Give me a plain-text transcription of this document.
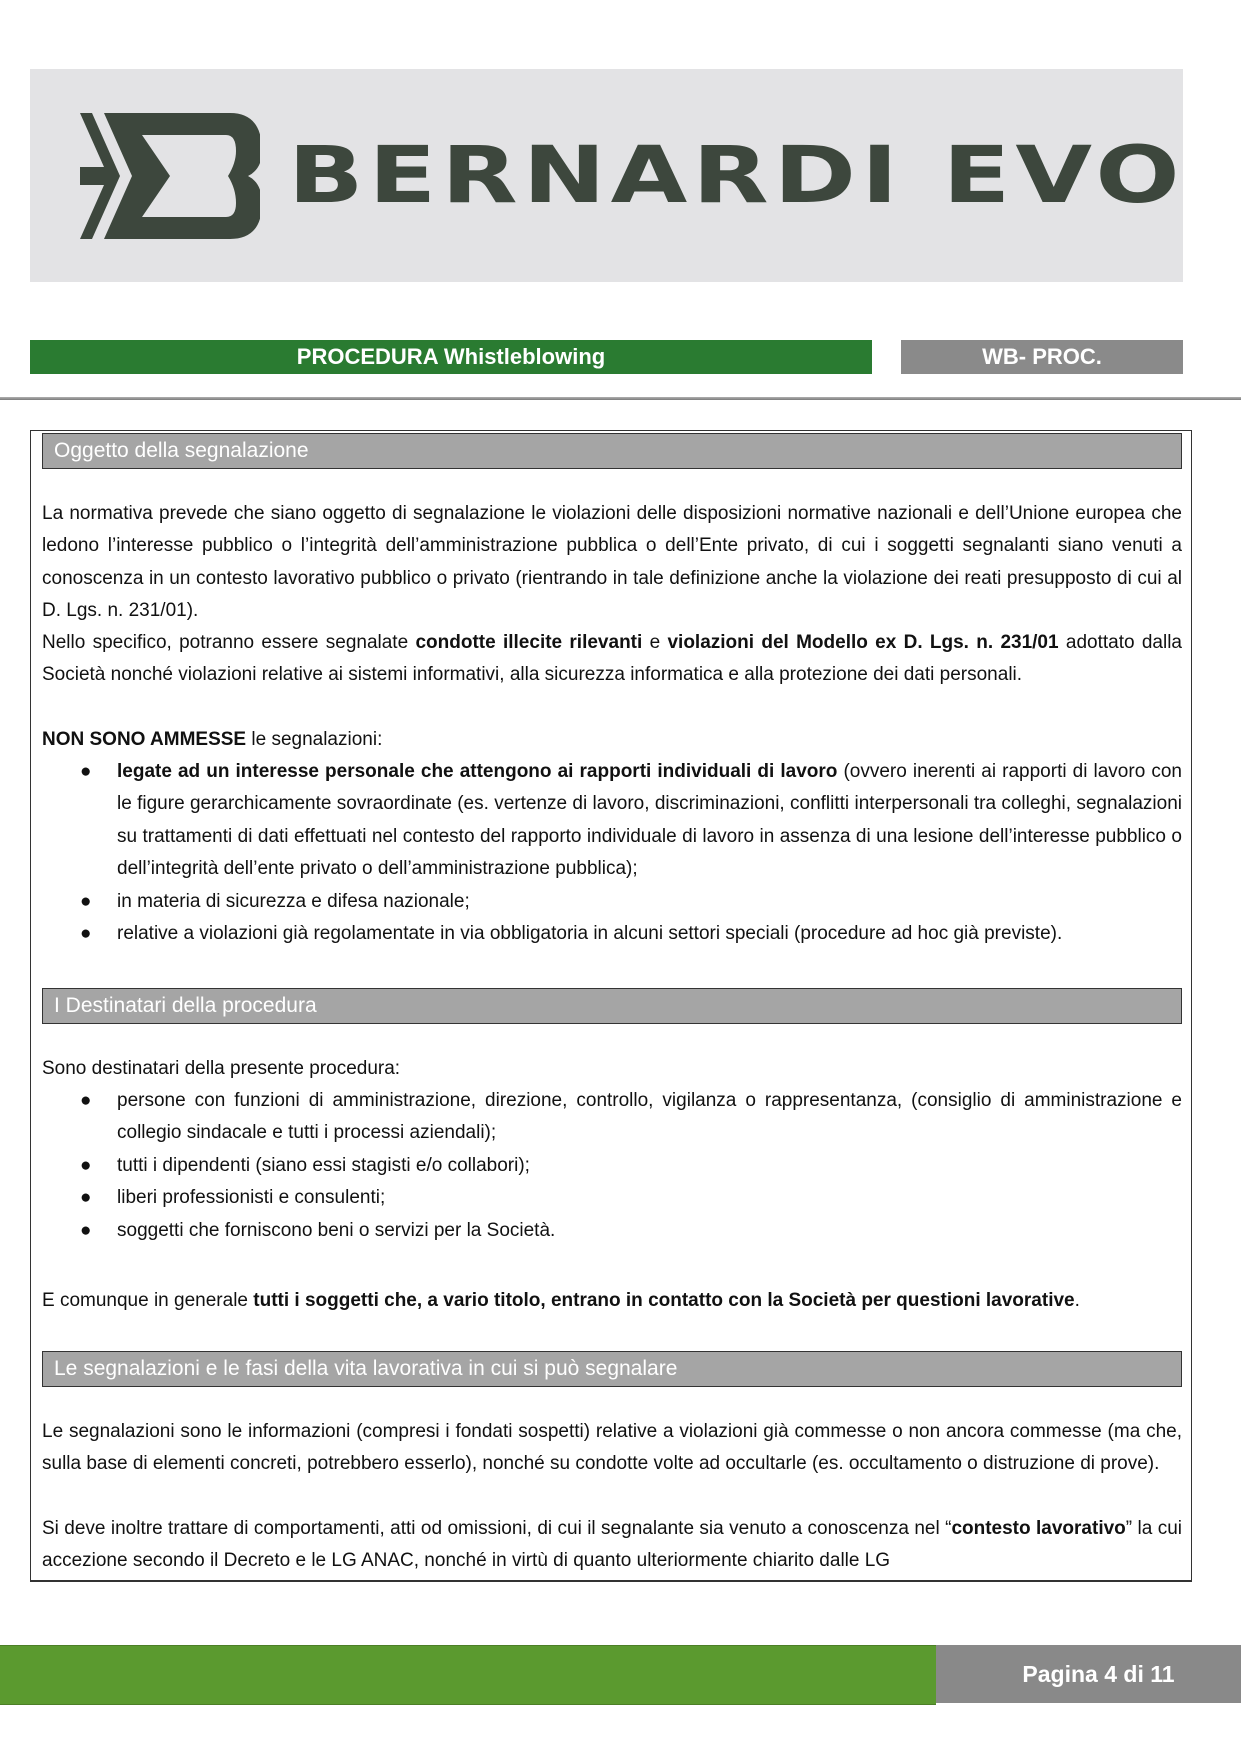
BERNARDI EVO
PROCEDURA Whistleblowing	WB- PROC.
Oggetto della segnalazione
La normativa prevede che siano oggetto di segnalazione le violazioni delle disposizioni normative nazionali e dell’Unione europea che ledono l’interesse pubblico o l’integrità dell’amministrazione pubblica o dell’Ente privato, di cui i soggetti segnalanti siano venuti a conoscenza in un contesto lavorativo pubblico o privato (rientrando in tale definizione anche la violazione dei reati presupposto di cui al D. Lgs. n. 231/01).
Nello specifico, potranno essere segnalate condotte illecite rilevanti e violazioni del Modello ex D. Lgs. n. 231/01 adottato dalla Società nonché violazioni relative ai sistemi informativi, alla sicurezza informatica e alla protezione dei dati personali.
NON SONO AMMESSE le segnalazioni:
● legate ad un interesse personale che attengono ai rapporti individuali di lavoro (ovvero inerenti ai rapporti di lavoro con le figure gerarchicamente sovraordinate (es. vertenze di lavoro, discriminazioni, conflitti interpersonali tra colleghi, segnalazioni su trattamenti di dati effettuati nel contesto del rapporto individuale di lavoro in assenza di una lesione dell’interesse pubblico o dell’integrità dell’ente privato o dell’amministrazione pubblica);
● in materia di sicurezza e difesa nazionale;
● relative a violazioni già regolamentate in via obbligatoria in alcuni settori speciali (procedure ad hoc già previste).
I Destinatari della procedura
Sono destinatari della presente procedura:
● persone con funzioni di amministrazione, direzione, controllo, vigilanza o rappresentanza, (consiglio di amministrazione e collegio sindacale e tutti i processi aziendali);
● tutti i dipendenti (siano essi stagisti e/o collabori);
● liberi professionisti e consulenti;
● soggetti che forniscono beni o servizi per la Società.
E comunque in generale tutti i soggetti che, a vario titolo, entrano in contatto con la Società per questioni lavorative.
Le segnalazioni e le fasi della vita lavorativa in cui si può segnalare
Le segnalazioni sono le informazioni (compresi i fondati sospetti) relative a violazioni già commesse o non ancora commesse (ma che, sulla base di elementi concreti, potrebbero esserlo), nonché su condotte volte ad occultarle (es. occultamento o distruzione di prove).
Si deve inoltre trattare di comportamenti, atti od omissioni, di cui il segnalante sia venuto a conoscenza nel “contesto lavorativo” la cui accezione secondo il Decreto e le LG ANAC, nonché in virtù di quanto ulteriormente chiarito dalle LG
Pagina 4 di 11
